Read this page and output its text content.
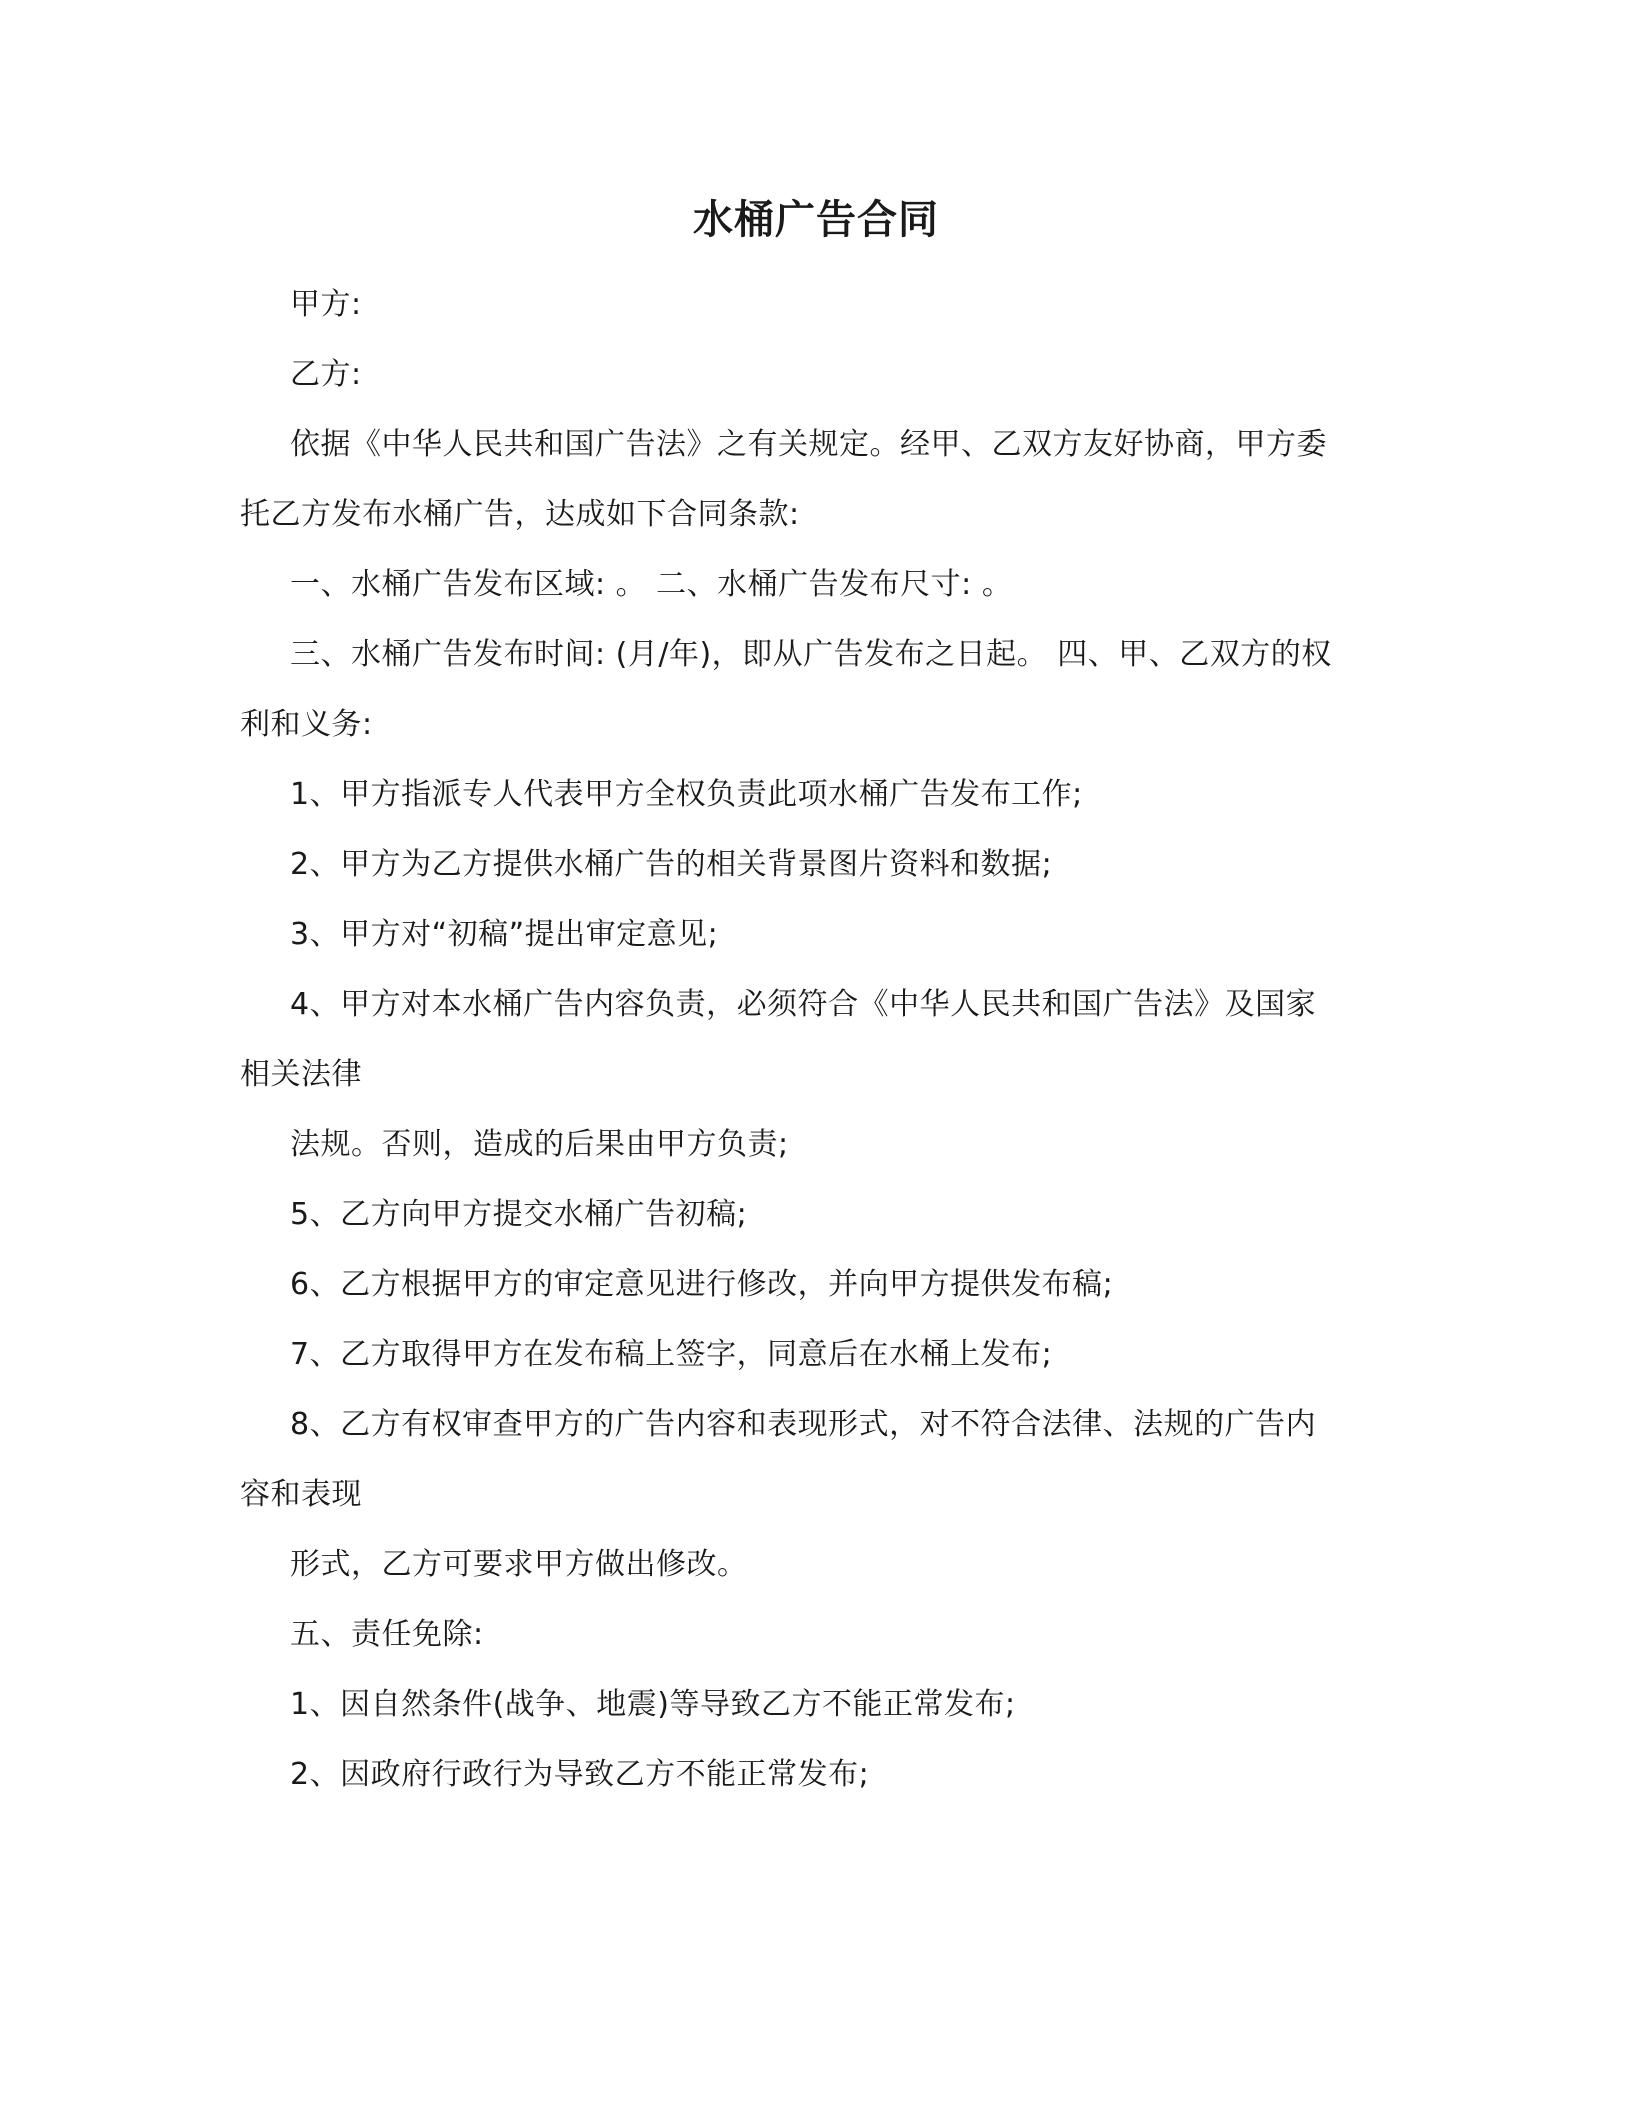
水桶广告合同
甲方:
乙方:
依据《中华人民共和国广告法》之有关规定。经甲、乙双方友好协商，甲方委
托乙方发布水桶广告，达成如下合同条款:
一、水桶广告发布区域: 。 二、水桶广告发布尺寸: 。
三、水桶广告发布时间: (月/年)，即从广告发布之日起。 四、甲、乙双方的权
利和义务:
1、甲方指派专人代表甲方全权负责此项水桶广告发布工作;
2、甲方为乙方提供水桶广告的相关背景图片资料和数据;
3、甲方对“初稿”提出审定意见;
4、甲方对本水桶广告内容负责，必须符合《中华人民共和国广告法》及国家
相关法律
法规。否则，造成的后果由甲方负责;
5、乙方向甲方提交水桶广告初稿;
6、乙方根据甲方的审定意见进行修改，并向甲方提供发布稿;
7、乙方取得甲方在发布稿上签字，同意后在水桶上发布;
8、乙方有权审查甲方的广告内容和表现形式，对不符合法律、法规的广告内
容和表现
形式，乙方可要求甲方做出修改。
五、责任免除:
1、因自然条件(战争、地震)等导致乙方不能正常发布;
2、因政府行政行为导致乙方不能正常发布;
